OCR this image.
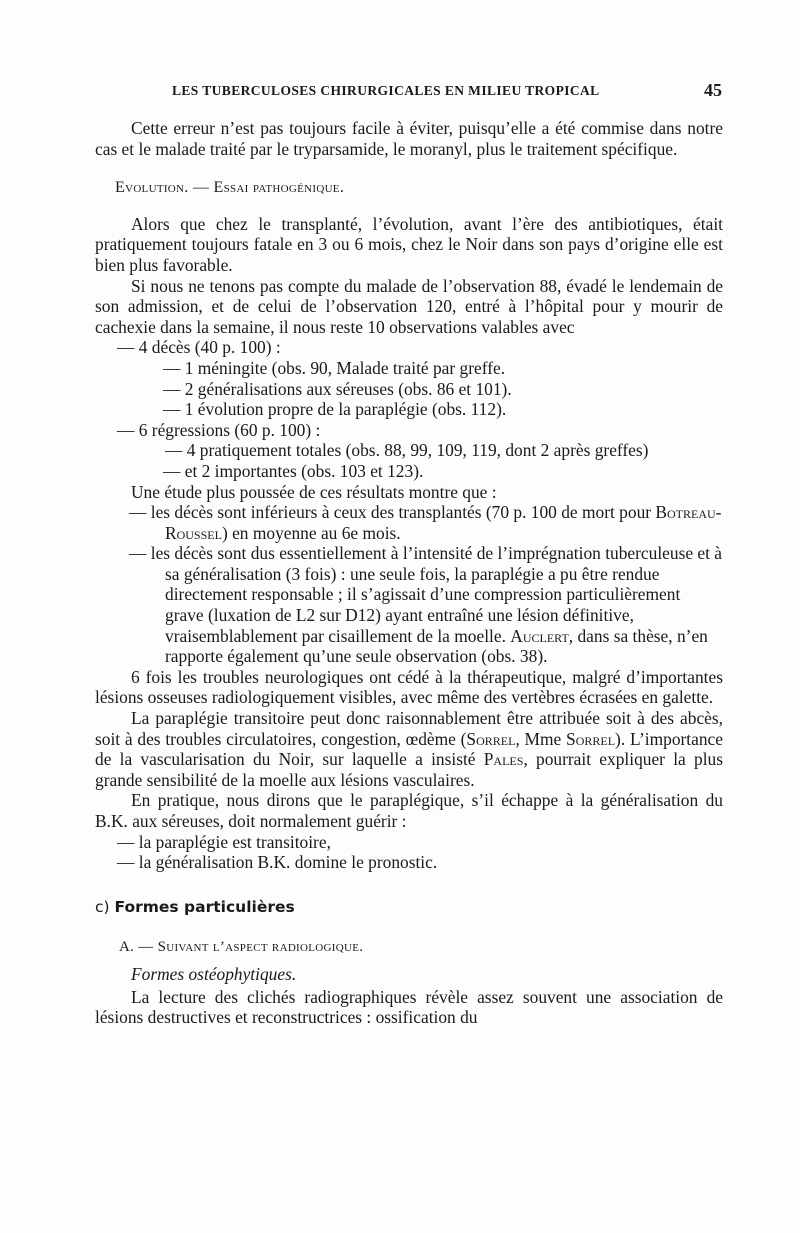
LES TUBERCULOSES CHIRURGICALES EN MILIEU TROPICAL	45

Cette erreur n’est pas toujours facile à éviter, puisqu’elle a été commise dans notre cas et le malade traité par le tryparsamide, le moranyl, plus le traitement spécifique.

Evolution. — Essai pathogénique.

Alors que chez le transplanté, l’évolution, avant l’ère des antibiotiques, était pratiquement toujours fatale en 3 ou 6 mois, chez le Noir dans son pays d’origine elle est bien plus favorable.

Si nous ne tenons pas compte du malade de l’observation 88, évadé le lendemain de son admission, et de celui de l’observation 120, entré à l’hôpital pour y mourir de cachexie dans la semaine, il nous reste 10 observations valables avec

— 4 décès (40 p. 100) :

— 1 méningite (obs. 90, Malade traité par greffe.

— 2 généralisations aux séreuses (obs. 86 et 101).

— 1 évolution propre de la paraplégie (obs. 112).

— 6 régressions (60 p. 100) :

— 4 pratiquement totales (obs. 88, 99, 109, 119, dont 2 après greffes)

— et 2 importantes (obs. 103 et 123).

Une étude plus poussée de ces résultats montre que :

— les décès sont inférieurs à ceux des transplantés (70 p. 100 de mort pour Botreau-Roussel) en moyenne au 6e mois.

— les décès sont dus essentiellement à l’intensité de l’imprégnation tuberculeuse et à sa généralisation (3 fois) : une seule fois, la paraplégie a pu être rendue directement responsable ; il s’agissait d’une compression particulièrement grave (luxation de L2 sur D12) ayant entraîné une lésion définitive, vraisemblablement par cisaillement de la moelle. Auclert, dans sa thèse, n’en rapporte également qu’une seule observation (obs. 38).

6 fois les troubles neurologiques ont cédé à la thérapeutique, malgré d’importantes lésions osseuses radiologiquement visibles, avec même des vertèbres écrasées en galette.

La paraplégie transitoire peut donc raisonnablement être attribuée soit à des abcès, soit à des troubles circulatoires, congestion, œdème (Sorrel, Mme Sorrel). L’importance de la vascularisation du Noir, sur laquelle a insisté Pales, pourrait expliquer la plus grande sensibilité de la moelle aux lésions vasculaires.

En pratique, nous dirons que le paraplégique, s’il échappe à la généralisation du B.K. aux séreuses, doit normalement guérir :

— la paraplégie est transitoire,

— la généralisation B.K. domine le pronostic.

c) Formes particulières

A. — Suivant l’aspect radiologique.

Formes ostéophytiques.

La lecture des clichés radiographiques révèle assez souvent une association de lésions destructives et reconstructrices : ossification du
